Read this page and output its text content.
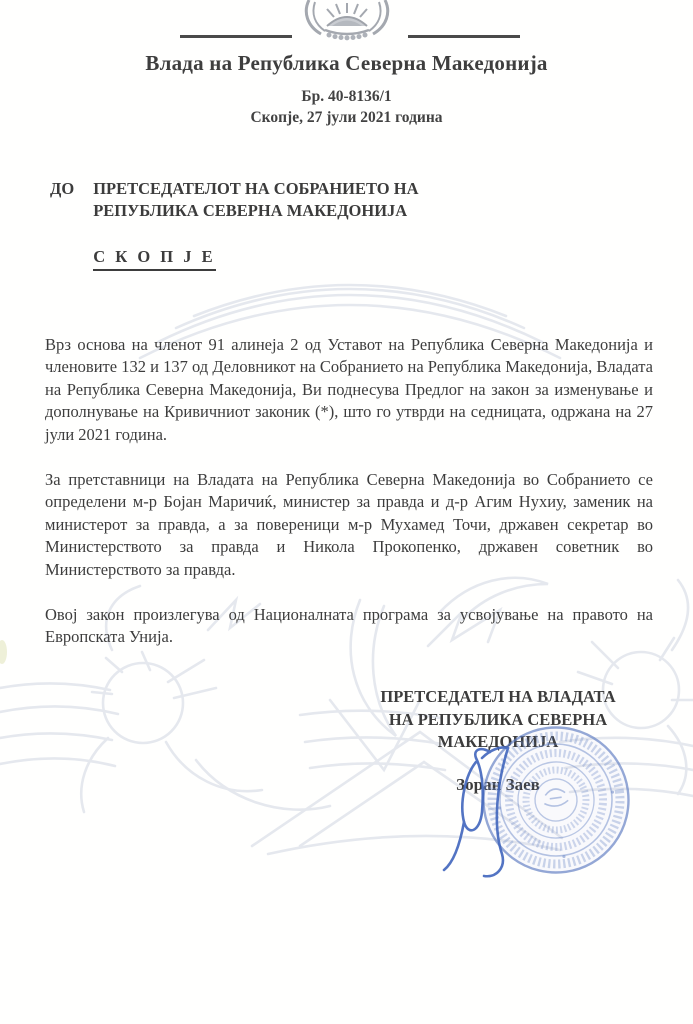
Влада на Република Северна Македонија
Бр. 40-8136/1
Скопје, 27 јули 2021 година
ДО ПРЕТСЕДАТЕЛОТ НА СОБРАНИЕТО НА
РЕПУБЛИКА СЕВЕРНА МАКЕДОНИЈА
С К О П Ј Е

Врз основа на членот 91 алинеја 2 од Уставот на Република Северна Македонија и членовите 132 и 137 од Деловникот на Собранието на Република Македонија, Владата на Република Северна Македонија, Ви поднесува Предлог на закон за изменување и дополнување на Кривичниот законик (*), што го утврди на седницата, одржана на 27 јули 2021 година.

За претставници на Владата на Република Северна Македонија во Собранието се определени м-р Бојан Маричиќ, министер за правда и д-р Агим Нухиу, заменик на министерот за правда, а за повереници м-р Мухамед Точи, државен секретар во Министерството за правда и Никола Прокопенко, државен советник во Министерството за правда.

Овој закон произлегува од Националната програма за усвојување на правото на Европската Унија.

ПРЕТСЕДАТЕЛ НА ВЛАДАТА
НА РЕПУБЛИКА СЕВЕРНА
МАКЕДОНИЈА
Зоран Заев
